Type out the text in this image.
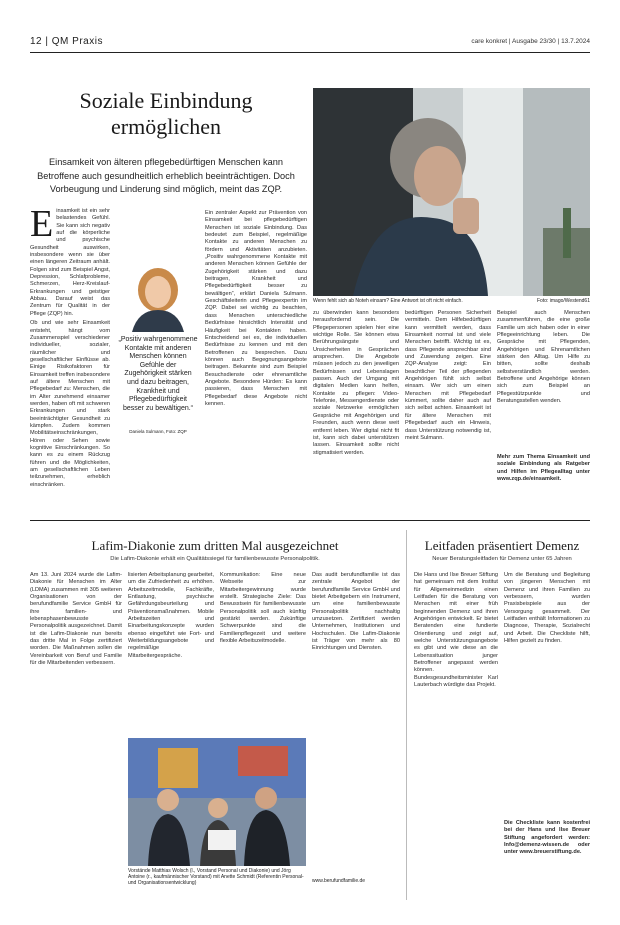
12 | QM Praxis	care konkret | Ausgabe 23/30 | 13.7.2024
Soziale Einbindung ermöglichen
Einsamkeit von älteren pflegebedürftigen Menschen kann Betroffene auch gesundheitlich erheblich beeinträchtigen. Doch Vorbeugung und Linderung sind möglich, meint das ZQP.
Wenn fehlt sich ab Noteh einsam? Eine Antwort ist oft nicht einfach.	Foto: imago/Westend61
E insamkeit ist ein sehr belastendes Gefühl. Sie kann sich negativ auf die körperliche und psychische Gesundheit auswirken, insbesondere wenn sie über einen längeren Zeitraum anhält. Folgen sind zum Beispiel Angst, Depression, Schlafprobleme, Schmerzen, Herz-Kreislauf-Erkrankungen und geistiger Abbau. Darauf weist das Zentrum für Qualität in der Pflege (ZQP) hin.

Ob und wie sehr Einsamkeit entsteht, hängt vom Zusammenspiel verschiedener individueller, sozialer, räumlicher und gesellschaftlicher Einflüsse ab. Einige Risikofaktoren für Einsamkeit treffen insbesondere auf ältere Menschen mit Pflegebedarf zu: Menschen, die im Alter zunehmend einsamer werden, haben oft mit schweren Erkrankungen und stark beeinträchtigter Gesundheit zu kämpfen. Zudem kommen Mobilitätseinschränkungen, Hören oder Sehen sowie kognitive Einschränkungen. So kann es zu einem Rückzug führen und die Möglichkeiten, am gesellschaftlichen Leben teilzunehmen, erheblich einschränken.

„Positiv wahrgenommene Kontakte mit anderen Menschen können Gefühle der Zugehörigkeit stärken und dazu beitragen, Krankheit und Pflegebedürftigkeit besser zu bewältigen.“
Daniela Sulmann, Foto: ZQP
Ein zentraler Aspekt zur Prävention von Einsamkeit bei pflegebedürftigen Menschen ist soziale Einbindung. Das bedeutet zum Beispiel, regelmäßige Kontakte zu anderen Menschen zu fördern und Aktivitäten anzubieten. „Positiv wahrgenommene Kontakte mit anderen Menschen können Gefühle der Zugehörigkeit stärken und dazu beitragen, Krankheit und Pflegebedürftigkeit besser zu bewältigen“, erklärt Daniela Sulmann. Geschäftsleiterin und Pflegeexpertin im ZQP. Dabei sei wichtig zu beachten, dass Menschen unterschiedliche Bedürfnisse hinsichtlich Intensität und Häufigkeit bei Kontakten haben. Entscheidend sei es, die individuellen Bedürfnisse zu kennen und mit den Betroffenen zu besprechen. Dazu können auch Begegnungsangebote beitragen. Bekannte sind zum Beispiel Besuchsdienste oder ehrenamtliche Angebote. Besondere Hürden: Es kann passieren, dass Menschen mit Pflegebedarf diese Angebote nicht kennen.
zu überwinden kann besonders herausfordernd sein. Die Pflegepersonen spielen hier eine wichtige Rolle. Sie können etwa Berührungsängste und Unsicherheiten in Gesprächen ansprechen. Die Angebote müssen jedoch zu den jeweiligen Bedürfnissen und Lebenslagen passen. Auch der Umgang mit digitalen Medien kann helfen, Kontakte zu pflegen: Video-Telefonie, Messengerdienste oder soziale Netzwerke ermöglichen Gespräche mit Angehörigen und Freunden, auch wenn diese weit entfernt leben. Wer digital nicht fit ist, kann sich dabei unterstützen lassen. Einsamkeit sollte nicht stigmatisiert werden.
bedürftigen Personen Sicherheit vermitteln. Dem Hilfebedürftigen kann vermittelt werden, dass Einsamkeit normal ist und viele Menschen betrifft. Wichtig ist es, dass Pflegende ansprechbar sind und Zuwendung zeigen. Eine ZQP-Analyse zeigt: Ein beachtlicher Teil der pflegenden Angehörigen fühlt sich selbst einsam. Wer sich um einen Menschen mit Pflegebedarf kümmert, sollte daher auch auf sich selbst achten. Einsamkeit ist für ältere Menschen mit Pflegebedarf auch ein Hinweis, dass Unterstützung notwendig ist, meint Sulmann.
Beispiel auch Menschen zusammenführen, die eine große Familie um sich haben oder in einer Pflegeeinrichtung leben. Die Gespräche mit Pflegenden, Angehörigen und Ehrenamtlichen stärken den Alltag. Um Hilfe zu bitten, sollte deshalb selbstverständlich werden. Betroffene und Angehörige können sich zum Beispiel an Pflegestützpunkte und Beratungsstellen wenden.
Mehr zum Thema Einsamkeit und soziale Einbindung als Ratgeber und Hilfen im Pflegealltag unter www.zqp.de/einsamkeit.
Lafim-Diakonie zum dritten Mal ausgezeichnet
Die Lafim-Diakonie erhält ein Qualitätssiegel für familienbewusste Personalpolitik.
Am 13. Juni 2024 wurde die Lafim-Diakonie für Menschen im Alter (LDMA) zusammen mit 305 weiteren Organisationen von der berufundfamilie Service GmbH für ihre familien- und lebensphasenbewusste Personalpolitik ausgezeichnet. Damit ist die Lafim-Diakonie nun bereits das dritte Mal in Folge zertifiziert worden. Die Maßnahmen sollen die Vereinbarkeit von Beruf und Familie für die Mitarbeitenden verbessern.
lisierten Arbeitsplanung gearbeitet, um die Zufriedenheit zu erhöhen. Arbeitszeitmodelle, Fachkräfte, Entlastung, psychische Gefährdungsbeurteilung und Präventionsmaßnahmen. Mobile Arbeitszeiten und Einarbeitungskonzepte wurden ebenso eingeführt wie Fort- und Weiterbildungsangebote und regelmäßige Mitarbeitergespräche.
Kommunikation: Eine neue Webseite zur Mitarbeitergewinnung wurde erstellt. Strategische Ziele: Das Bewusstsein für familienbewusste Personalpolitik soll auch künftig gestärkt werden. Zukünftige Schwerpunkte sind die Familienpflegezeit und weitere flexible Arbeitszeitmodelle.
Das audit berufundfamilie ist das zentrale Angebot der berufundfamilie Service GmbH und bietet Arbeitgebern ein Instrument, um eine familienbewusste Personalpolitik nachhaltig umzusetzen. Zertifiziert werden Unternehmen, Institutionen und Hochschulen. Die Lafim-Diakonie ist Träger von mehr als 80 Einrichtungen und Diensten.
www.berufundfamilie.de
Vorstände Matthias Wolsch (l., Vorstand Personal und Diakonie) und Jörg Antoine (r., kaufmännischer Vorstand) mit Anette Schmidt (Referentin Personal- und Organisationsentwicklung)
Leitfaden präsentiert Demenz
Neuer Beratungsleitfaden für Demenz unter 65 Jahren
Die Hans und Ilse Breuer Stiftung hat gemeinsam mit dem Institut für Allgemeinmedizin einen Leitfaden für die Beratung von Menschen mit einer früh beginnenden Demenz und ihren Angehörigen entwickelt. Er bietet Beratenden eine fundierte Orientierung und zeigt auf, welche Unterstützungsangebote es gibt und wie diese an die Lebenssituation junger Betroffener angepasst werden können. Bundesgesundheitsminister Karl Lauterbach würdigte das Projekt.
Um die Beratung und Begleitung von jüngeren Menschen mit Demenz und ihren Familien zu verbessern, wurden Praxisbeispiele aus der Versorgung gesammelt. Der Leitfaden enthält Informationen zu Diagnose, Therapie, Sozialrecht und Arbeit. Die Checkliste hilft, Hilfen gezielt zu finden.
Die Checkliste kann kostenfrei bei der Hans und Ilse Breuer Stiftung angefordert werden: Info@demenz-wissen.de oder unter www.breuerstiftung.de.
